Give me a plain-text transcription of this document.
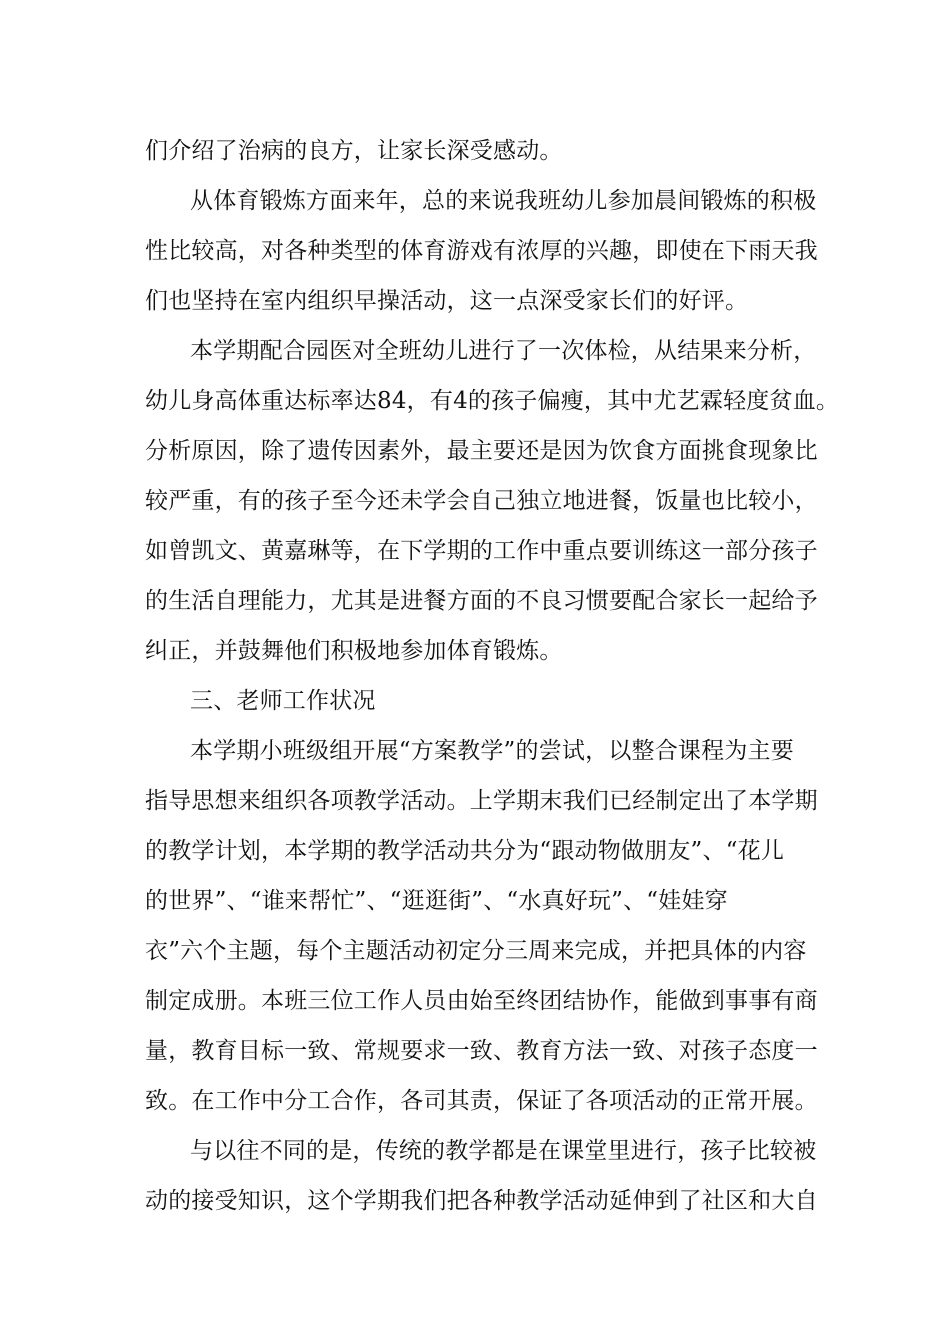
们介绍了治病的良方，让家长深受感动。
从体育锻炼方面来年，总的来说我班幼儿参加晨间锻炼的积极
性比较高，对各种类型的体育游戏有浓厚的兴趣，即使在下雨天我
们也坚持在室内组织早操活动，这一点深受家长们的好评。
本学期配合园医对全班幼儿进行了一次体检，从结果来分析，
幼儿身高体重达标率达84，有4的孩子偏瘦，其中尤艺霖轻度贫血。
分析原因，除了遗传因素外，最主要还是因为饮食方面挑食现象比
较严重，有的孩子至今还未学会自己独立地进餐，饭量也比较小，
如曾凯文、黄嘉琳等，在下学期的工作中重点要训练这一部分孩子
的生活自理能力，尤其是进餐方面的不良习惯要配合家长一起给予
纠正，并鼓舞他们积极地参加体育锻炼。
三、老师工作状况
本学期小班级组开展“方案教学”的尝试，以整合课程为主要
指导思想来组织各项教学活动。上学期末我们已经制定出了本学期
的教学计划，本学期的教学活动共分为“跟动物做朋友”、“花儿
的世界”、“谁来帮忙”、“逛逛街”、“水真好玩”、“娃娃穿
衣”六个主题，每个主题活动初定分三周来完成，并把具体的内容
制定成册。本班三位工作人员由始至终团结协作，能做到事事有商
量，教育目标一致、常规要求一致、教育方法一致、对孩子态度一
致。在工作中分工合作，各司其责，保证了各项活动的正常开展。
与以往不同的是，传统的教学都是在课堂里进行，孩子比较被
动的接受知识，这个学期我们把各种教学活动延伸到了社区和大自
